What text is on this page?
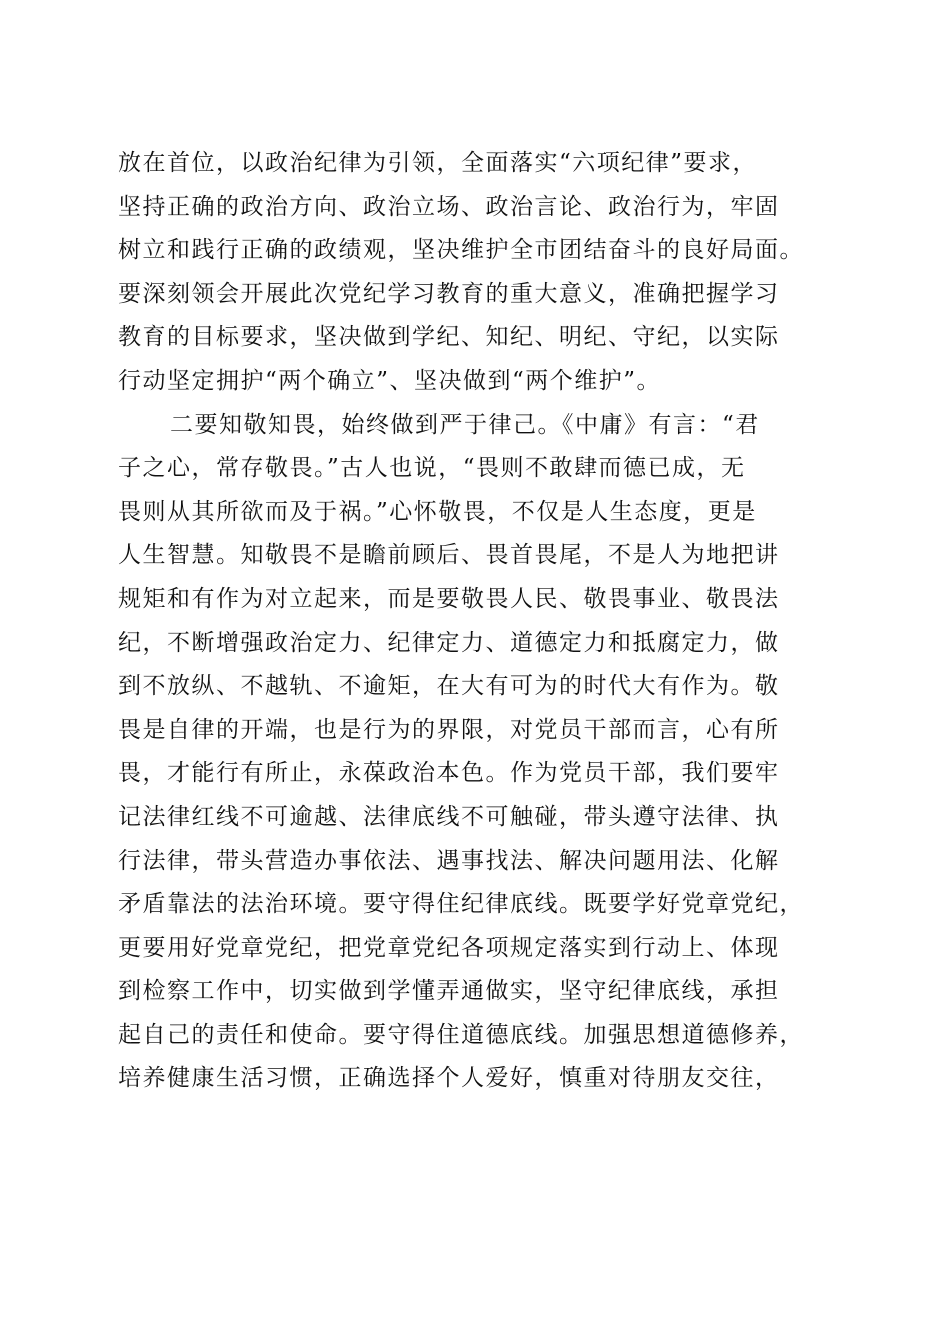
放在首位，以政治纪律为引领，全面落实“六项纪律”要求，
坚持正确的政治方向、政治立场、政治言论、政治行为，牢固
树立和践行正确的政绩观，坚决维护全市团结奋斗的良好局面。
要深刻领会开展此次党纪学习教育的重大意义，准确把握学习
教育的目标要求，坚决做到学纪、知纪、明纪、守纪，以实际
行动坚定拥护“两个确立”、坚决做到“两个维护”。
二要知敬知畏，始终做到严于律己。《中庸》有言：“君
子之心，常存敬畏。”古人也说，“畏则不敢肆而德已成，无
畏则从其所欲而及于祸。”心怀敬畏，不仅是人生态度，更是
人生智慧。知敬畏不是瞻前顾后、畏首畏尾，不是人为地把讲
规矩和有作为对立起来，而是要敬畏人民、敬畏事业、敬畏法
纪，不断增强政治定力、纪律定力、道德定力和抵腐定力，做
到不放纵、不越轨、不逾矩，在大有可为的时代大有作为。敬
畏是自律的开端，也是行为的界限，对党员干部而言，心有所
畏，才能行有所止，永葆政治本色。作为党员干部，我们要牢
记法律红线不可逾越、法律底线不可触碰，带头遵守法律、执
行法律，带头营造办事依法、遇事找法、解决问题用法、化解
矛盾靠法的法治环境。要守得住纪律底线。既要学好党章党纪，
更要用好党章党纪，把党章党纪各项规定落实到行动上、体现
到检察工作中，切实做到学懂弄通做实，坚守纪律底线，承担
起自己的责任和使命。要守得住道德底线。加强思想道德修养，
培养健康生活习惯，正确选择个人爱好，慎重对待朋友交往，
